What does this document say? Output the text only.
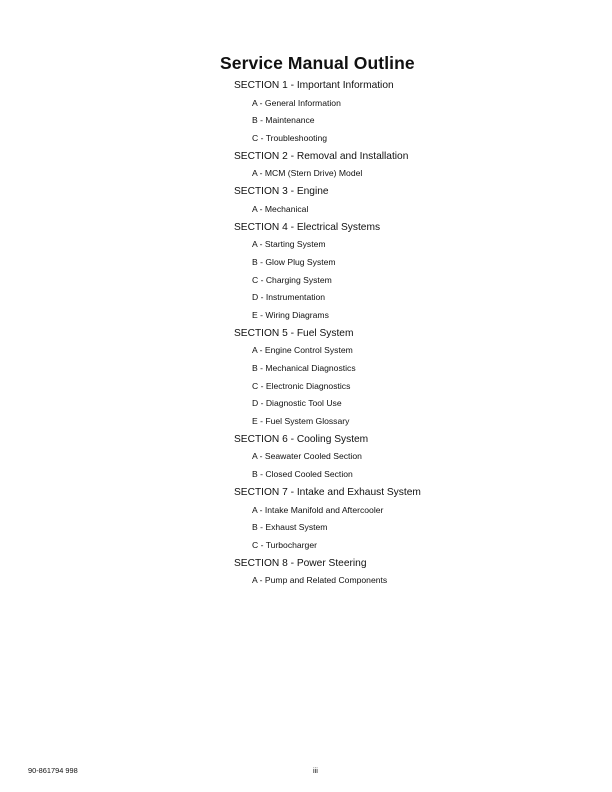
Service Manual Outline
SECTION 1 - Important Information
A - General Information
B - Maintenance
C - Troubleshooting
SECTION 2 - Removal and Installation
A - MCM (Stern Drive) Model
SECTION 3 - Engine
A - Mechanical
SECTION 4 - Electrical Systems
A - Starting System
B - Glow Plug System
C - Charging System
D - Instrumentation
E - Wiring Diagrams
SECTION 5 - Fuel System
A - Engine Control System
B - Mechanical Diagnostics
C - Electronic Diagnostics
D - Diagnostic Tool Use
E - Fuel System Glossary
SECTION 6 - Cooling System
A - Seawater Cooled Section
B - Closed Cooled Section
SECTION 7 - Intake and Exhaust System
A - Intake Manifold and Aftercooler
B - Exhaust System
C - Turbocharger
SECTION 8 - Power Steering
A - Pump and Related Components
90-861794 998	iii
